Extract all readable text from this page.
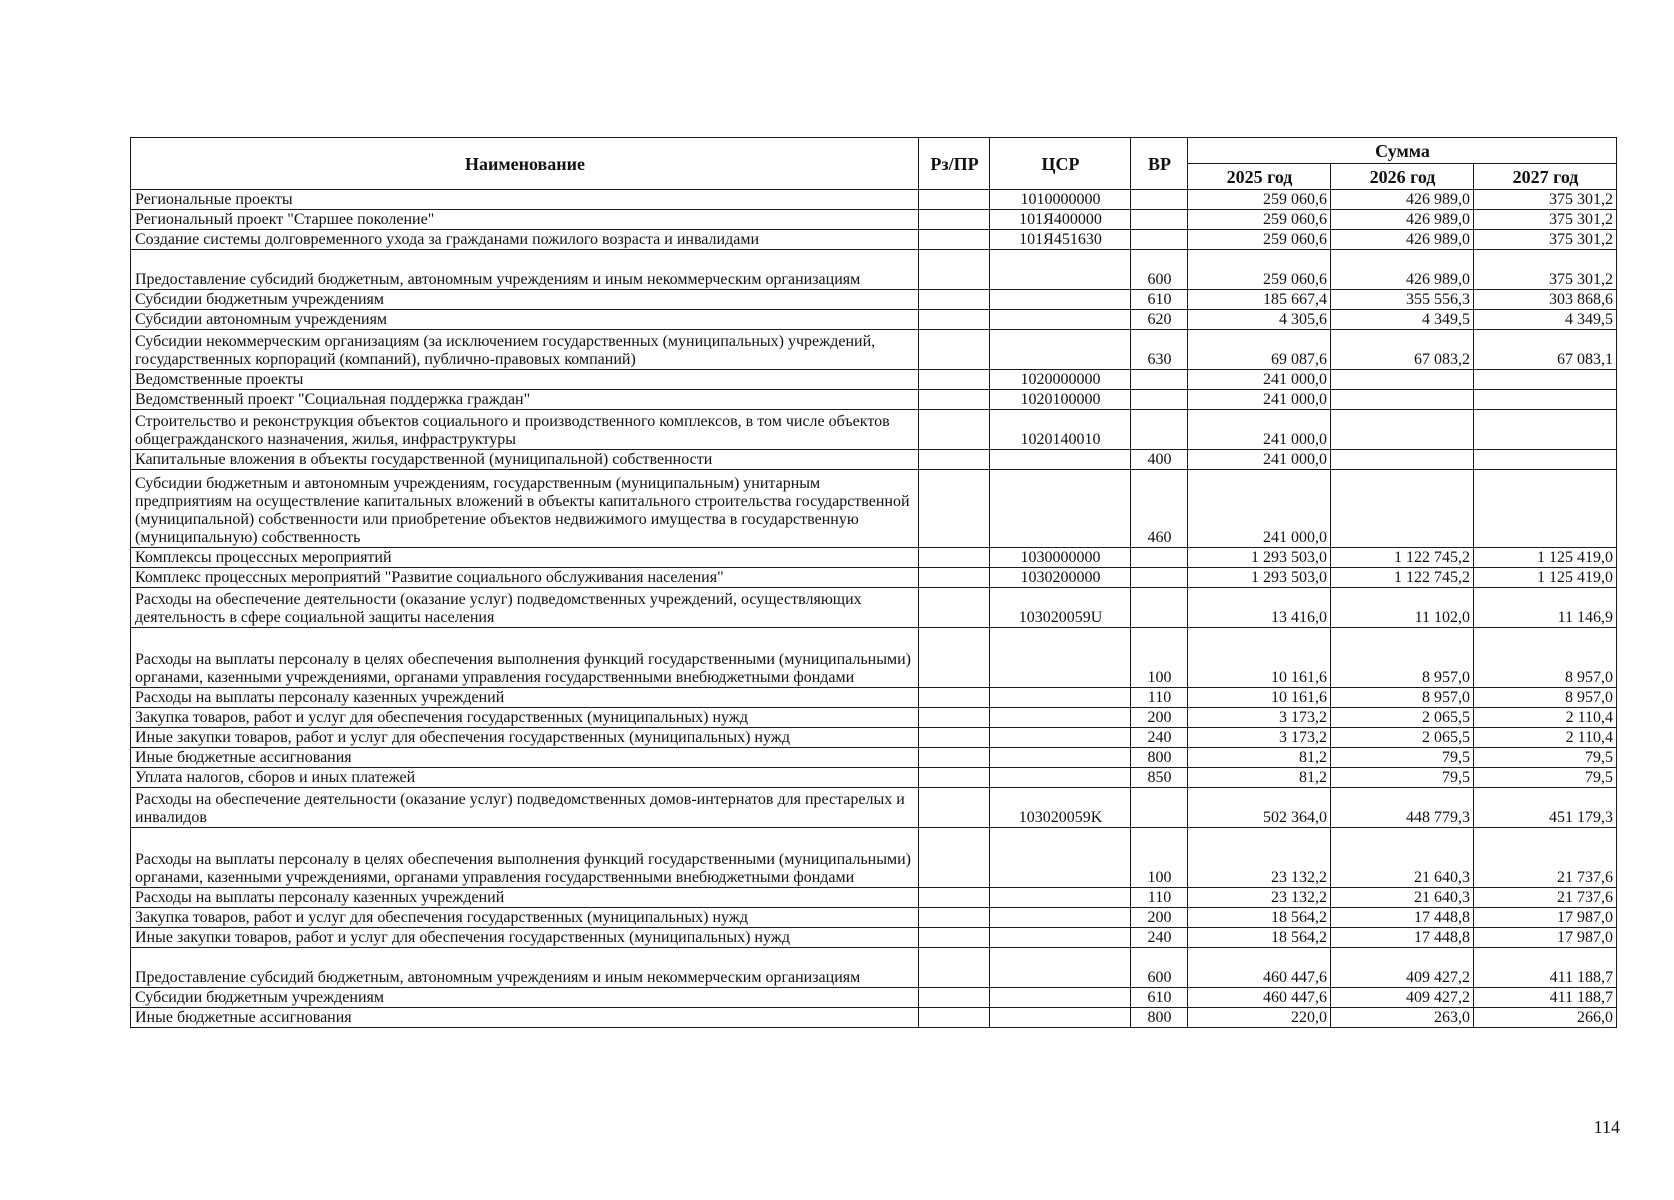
Наименование	Рз/ПР	ЦСР	ВР	Сумма		
				2025 год	2026 год	2027 год
Региональные проекты		1010000000		259 060,6	426 989,0	375 301,2
Региональный проект "Старшее поколение"		101Я400000		259 060,6	426 989,0	375 301,2
Создание системы долговременного ухода за гражданами пожилого возраста и инвалидами		101Я451630		259 060,6	426 989,0	375 301,2
Предоставление субсидий бюджетным, автономным учреждениям и иным некоммерческим организациям			600	259 060,6	426 989,0	375 301,2
Субсидии бюджетным учреждениям			610	185 667,4	355 556,3	303 868,6
Субсидии автономным учреждениям			620	4 305,6	4 349,5	4 349,5
Субсидии некоммерческим организациям (за исключением государственных (муниципальных) учреждений, государственных корпораций (компаний), публично-правовых компаний)			630	69 087,6	67 083,2	67 083,1
Ведомственные проекты		1020000000		241 000,0		
Ведомственный проект "Социальная поддержка граждан"		1020100000		241 000,0		
Строительство и реконструкция объектов социального и производственного комплексов, в том числе объектов общегражданского назначения, жилья, инфраструктуры		1020140010		241 000,0		
Капитальные вложения в объекты государственной (муниципальной) собственности			400	241 000,0		
Субсидии бюджетным и автономным учреждениям, государственным (муниципальным) унитарным предприятиям на осуществление капитальных вложений в объекты капитального строительства государственной (муниципальной) собственности или приобретение объектов недвижимого имущества в государственную (муниципальную) собственность			460	241 000,0		
Комплексы процессных мероприятий		1030000000		1 293 503,0	1 122 745,2	1 125 419,0
Комплекс процессных мероприятий "Развитие социального обслуживания населения"		1030200000		1 293 503,0	1 122 745,2	1 125 419,0
Расходы на обеспечение деятельности (оказание услуг) подведомственных учреждений, осуществляющих деятельность в сфере социальной защиты населения		103020059U		13 416,0	11 102,0	11 146,9
Расходы на выплаты персоналу в целях обеспечения выполнения функций государственными (муниципальными) органами, казенными учреждениями, органами управления государственными внебюджетными фондами			100	10 161,6	8 957,0	8 957,0
Расходы на выплаты персоналу казенных учреждений			110	10 161,6	8 957,0	8 957,0
Закупка товаров, работ и услуг для обеспечения государственных (муниципальных) нужд			200	3 173,2	2 065,5	2 110,4
Иные закупки товаров, работ и услуг для обеспечения государственных (муниципальных) нужд			240	3 173,2	2 065,5	2 110,4
Иные бюджетные ассигнования			800	81,2	79,5	79,5
Уплата налогов, сборов и иных платежей			850	81,2	79,5	79,5
Расходы на обеспечение деятельности (оказание услуг) подведомственных домов-интернатов для престарелых и инвалидов		103020059K		502 364,0	448 779,3	451 179,3
Расходы на выплаты персоналу в целях обеспечения выполнения функций государственными (муниципальными) органами, казенными учреждениями, органами управления государственными внебюджетными фондами			100	23 132,2	21 640,3	21 737,6
Расходы на выплаты персоналу казенных учреждений			110	23 132,2	21 640,3	21 737,6
Закупка товаров, работ и услуг для обеспечения государственных (муниципальных) нужд			200	18 564,2	17 448,8	17 987,0
Иные закупки товаров, работ и услуг для обеспечения государственных (муниципальных) нужд			240	18 564,2	17 448,8	17 987,0
Предоставление субсидий бюджетным, автономным учреждениям и иным некоммерческим организациям			600	460 447,6	409 427,2	411 188,7
Субсидии бюджетным учреждениям			610	460 447,6	409 427,2	411 188,7
Иные бюджетные ассигнования			800	220,0	263,0	266,0
114
